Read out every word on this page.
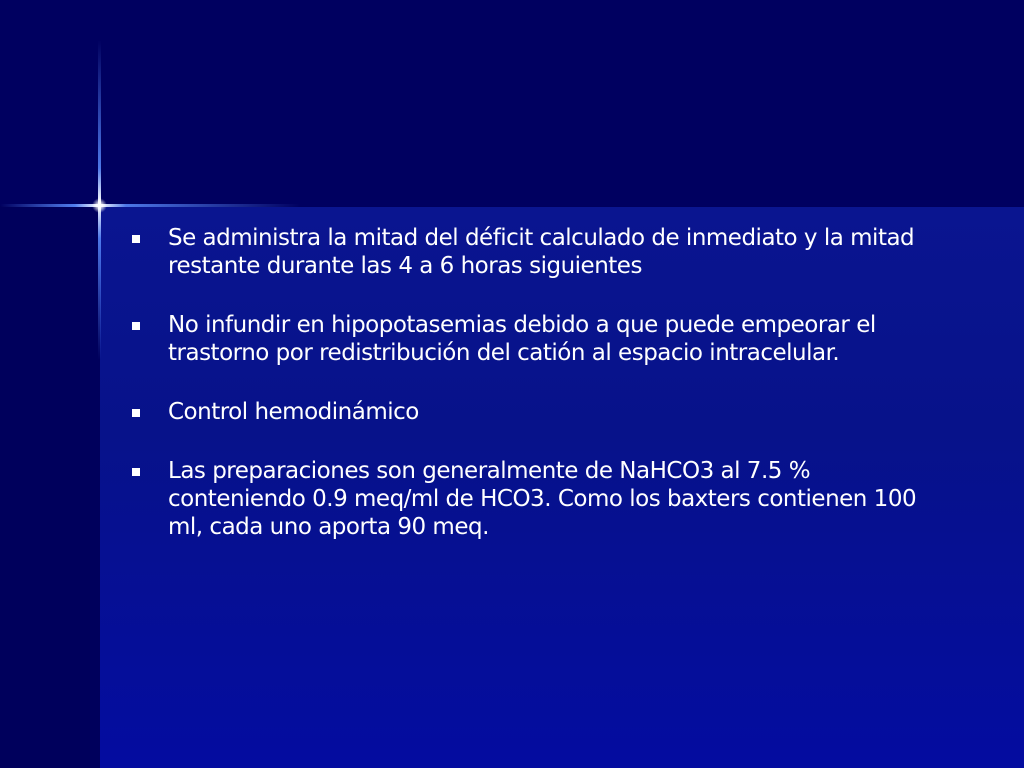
Se administra la mitad del déficit calculado de inmediato y la mitad restante durante las 4 a 6 horas siguientes
No infundir en hipopotasemias debido a que puede empeorar el trastorno por redistribución del catión al espacio intracelular.
Control hemodinámico
Las preparaciones son generalmente de NaHCO3 al 7.5 % conteniendo 0.9 meq/ml de HCO3. Como los baxters contienen 100 ml, cada uno aporta 90 meq.
